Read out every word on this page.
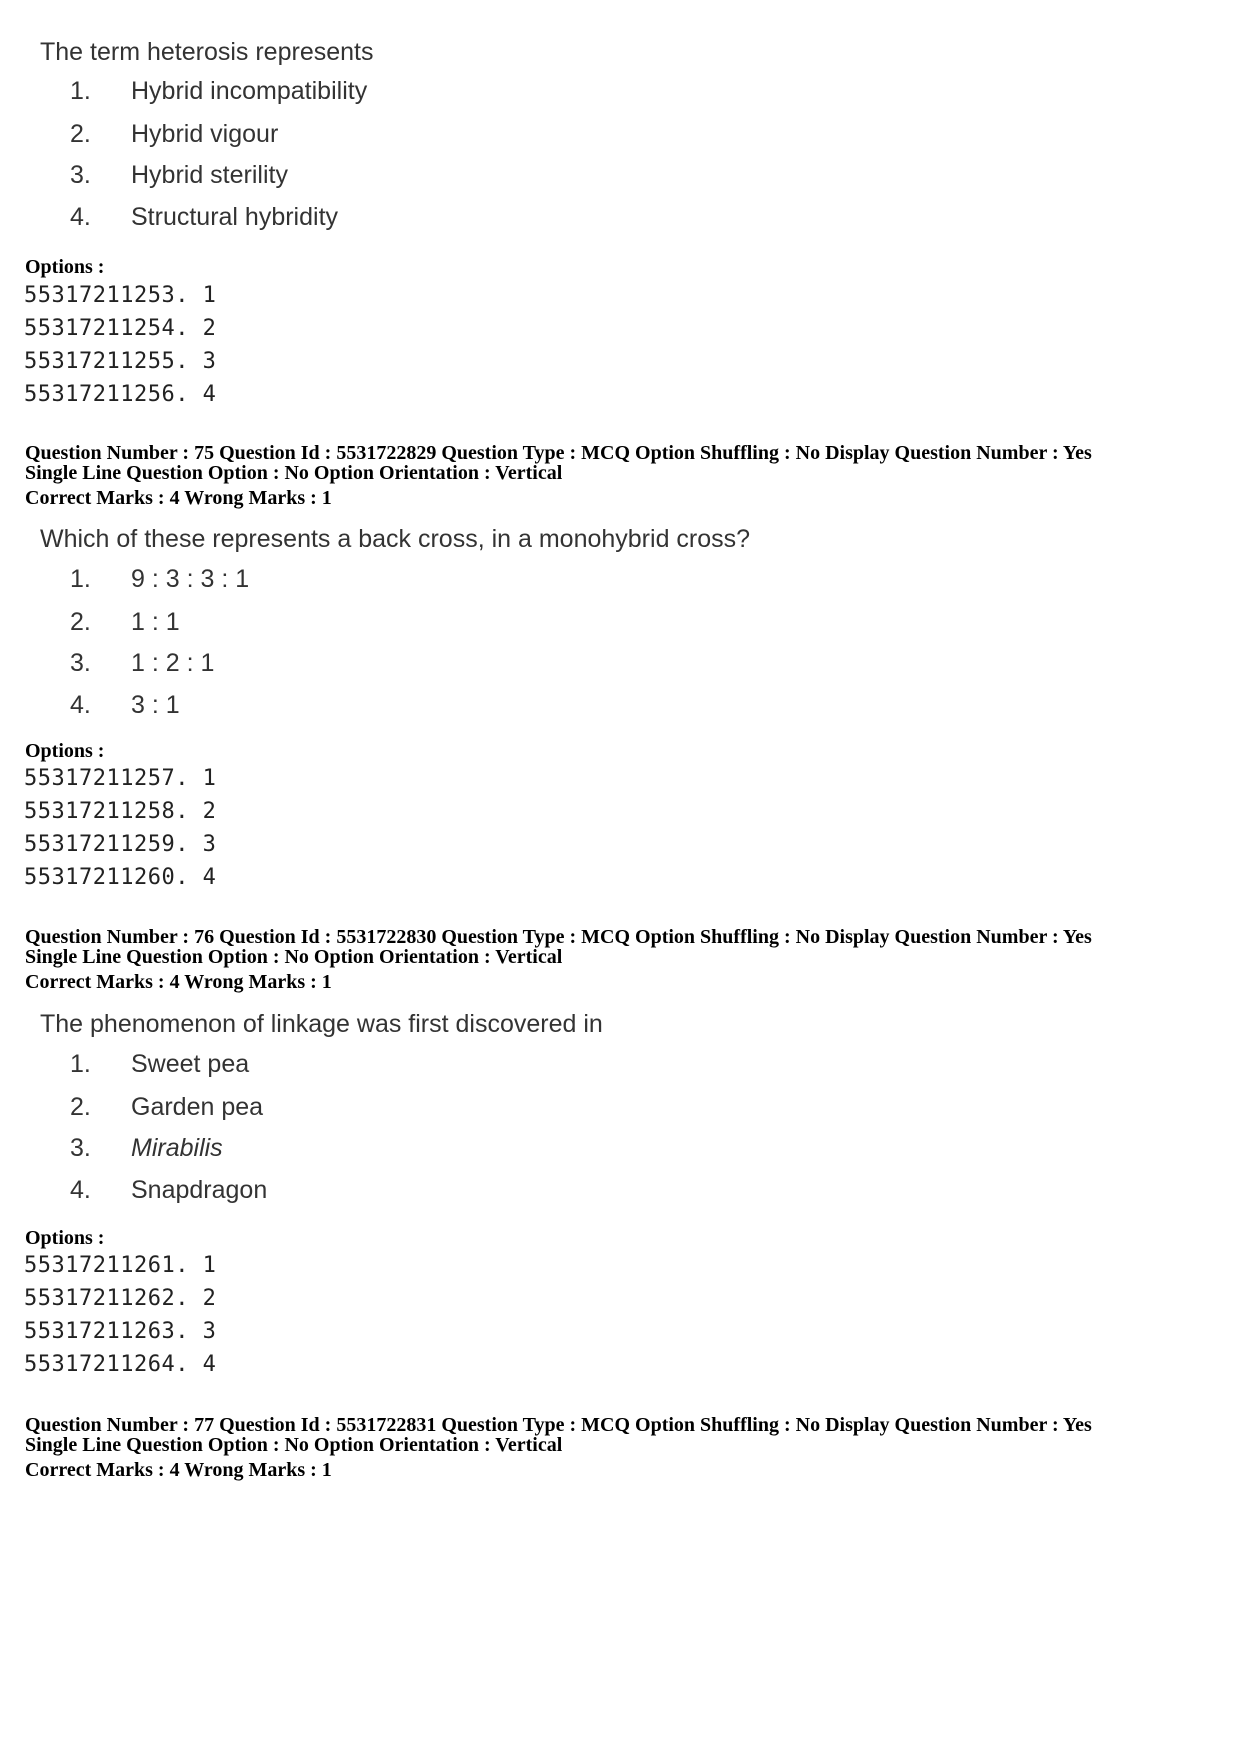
The term heterosis represents
1. Hybrid incompatibility
2. Hybrid vigour
3. Hybrid sterility
4. Structural hybridity
Options :
55317211253. 1
55317211254. 2
55317211255. 3
55317211256. 4
Question Number : 75 Question Id : 5531722829 Question Type : MCQ Option Shuffling : No Display Question Number : Yes
Single Line Question Option : No Option Orientation : Vertical
Correct Marks : 4 Wrong Marks : 1
Which of these represents a back cross, in a monohybrid cross?
1. 9 : 3 : 3 : 1
2. 1 : 1
3. 1 : 2 : 1
4. 3 : 1
Options :
55317211257. 1
55317211258. 2
55317211259. 3
55317211260. 4
Question Number : 76 Question Id : 5531722830 Question Type : MCQ Option Shuffling : No Display Question Number : Yes
Single Line Question Option : No Option Orientation : Vertical
Correct Marks : 4 Wrong Marks : 1
The phenomenon of linkage was first discovered in
1. Sweet pea
2. Garden pea
3. Mirabilis
4. Snapdragon
Options :
55317211261. 1
55317211262. 2
55317211263. 3
55317211264. 4
Question Number : 77 Question Id : 5531722831 Question Type : MCQ Option Shuffling : No Display Question Number : Yes
Single Line Question Option : No Option Orientation : Vertical
Correct Marks : 4 Wrong Marks : 1
